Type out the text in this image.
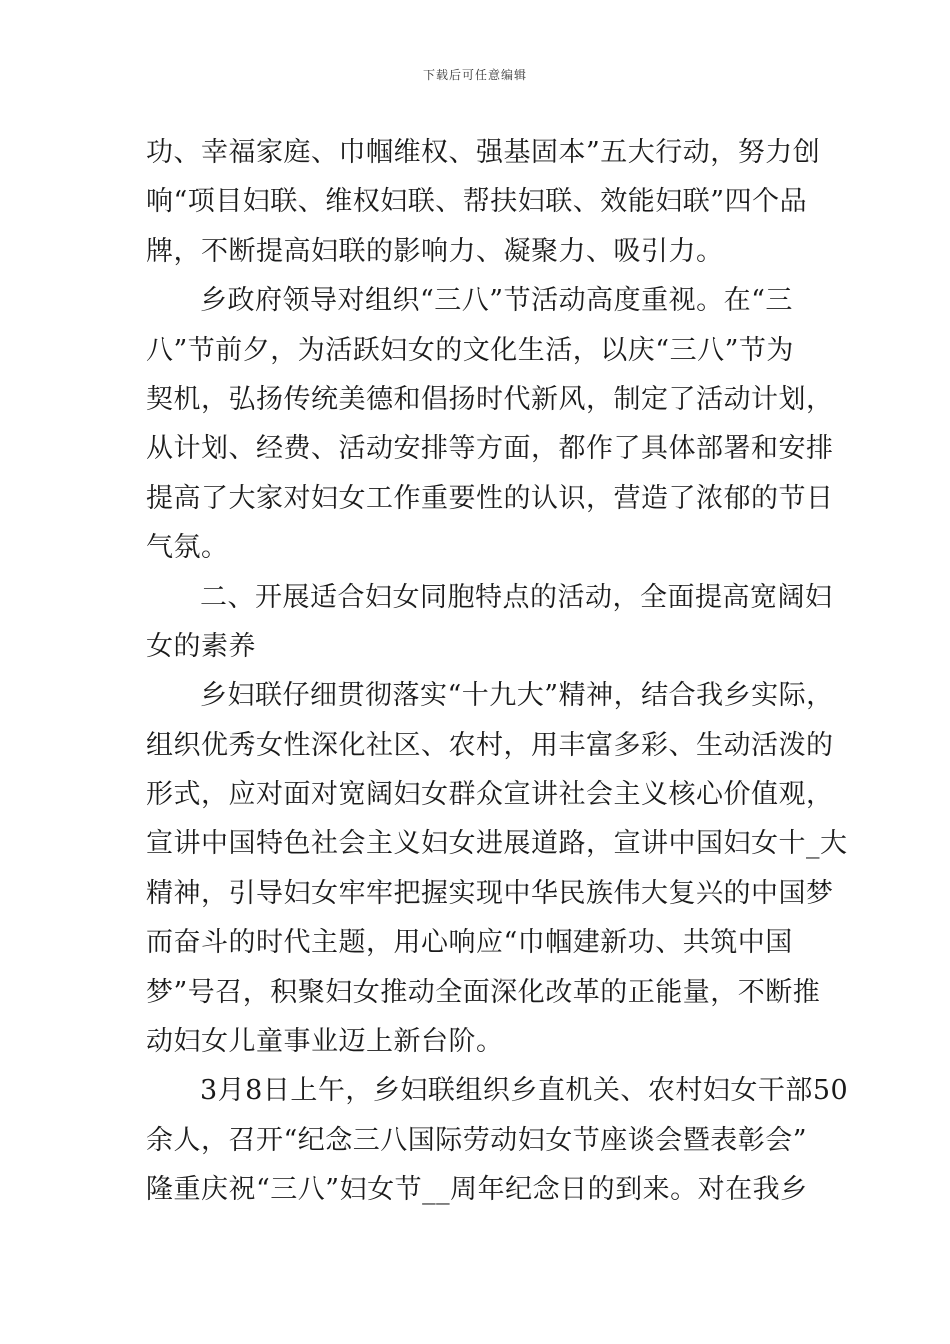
下载后可任意编辑
功、幸福家庭、巾帼维权、强基固本”五大行动，努力创
响“项目妇联、维权妇联、帮扶妇联、效能妇联”四个品
牌，不断提高妇联的影响力、凝聚力、吸引力。
乡政府领导对组织“三八”节活动高度重视。在“三
八”节前夕，为活跃妇女的文化生活，以庆“三八”节为
契机，弘扬传统美德和倡扬时代新风，制定了活动计划，
从计划、经费、活动安排等方面，都作了具体部署和安排
提高了大家对妇女工作重要性的认识，营造了浓郁的节日
气氛。
二、开展适合妇女同胞特点的活动，全面提高宽阔妇
女的素养
乡妇联仔细贯彻落实“十九大”精神，结合我乡实际，
组织优秀女性深化社区、农村，用丰富多彩、生动活泼的
形式，应对面对宽阔妇女群众宣讲社会主义核心价值观，
宣讲中国特色社会主义妇女进展道路，宣讲中国妇女十_大
精神，引导妇女牢牢把握实现中华民族伟大复兴的中国梦
而奋斗的时代主题，用心响应“巾帼建新功、共筑中国
梦”号召，积聚妇女推动全面深化改革的正能量，不断推
动妇女儿童事业迈上新台阶。
3月8日上午，乡妇联组织乡直机关、农村妇女干部50
余人，召开“纪念三八国际劳动妇女节座谈会暨表彰会”
隆重庆祝“三八”妇女节__周年纪念日的到来。对在我乡
